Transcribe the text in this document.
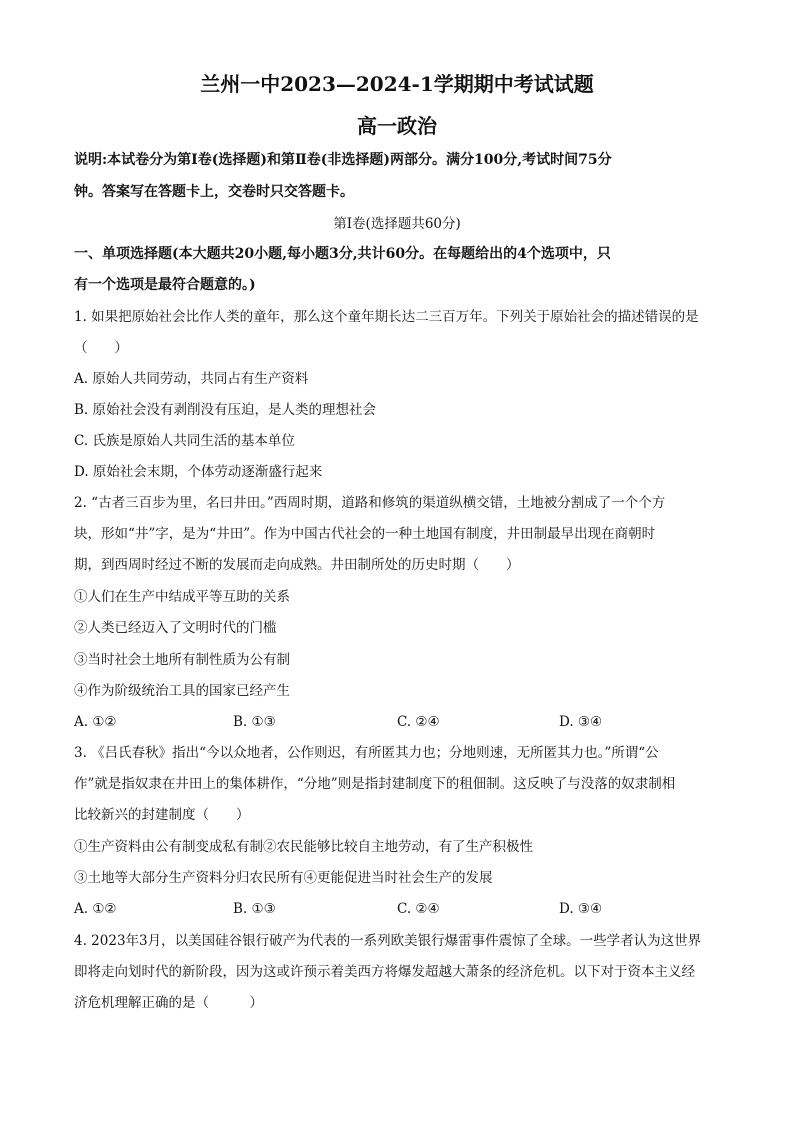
兰州一中2023—2024-1学期期中考试试题
高一政治
说明:本试卷分为第Ⅰ卷(选择题)和第Ⅱ卷(非选择题)两部分。满分100分,考试时间75分
钟。答案写在答题卡上，交卷时只交答题卡。
第Ⅰ卷(选择题共60分)
一、单项选择题(本大题共20小题,每小题3分,共计60分。在每题给出的4个选项中，只
有一个选项是最符合题意的。)
1. 如果把原始社会比作人类的童年，那么这个童年期长达二三百万年。下列关于原始社会的描述错误的是
（　　）
A. 原始人共同劳动，共同占有生产资料
B. 原始社会没有剥削没有压迫，是人类的理想社会
C. 氏族是原始人共同生活的基本单位
D. 原始社会末期，个体劳动逐渐盛行起来
2. “古者三百步为里，名曰井田。”西周时期，道路和修筑的渠道纵横交错，土地被分割成了一个个方
块，形如“井”字，是为“井田”。作为中国古代社会的一种土地国有制度，井田制最早出现在商朝时
期，到西周时经过不断的发展而走向成熟。井田制所处的历史时期（　　）
①人们在生产中结成平等互助的关系
②人类已经迈入了文明时代的门槛
③当时社会土地所有制性质为公有制
④作为阶级统治工具的国家已经产生
A. ①②	B. ①③	C. ②④	D. ③④
3. 《吕氏春秋》指出“今以众地者，公作则迟，有所匿其力也；分地则速，无所匿其力也。”所谓“公
作”就是指奴隶在井田上的集体耕作，“分地”则是指封建制度下的租佃制。这反映了与没落的奴隶制相
比较新兴的封建制度（　　）
①生产资料由公有制变成私有制②农民能够比较自主地劳动，有了生产积极性
③土地等大部分生产资料分归农民所有④更能促进当时社会生产的发展
A. ①②	B. ①③	C. ②④	D. ③④
4. 2023年3月，以美国硅谷银行破产为代表的一系列欧美银行爆雷事件震惊了全球。一些学者认为这世界
即将走向划时代的新阶段，因为这或许预示着美西方将爆发超越大萧条的经济危机。以下对于资本主义经
济危机理解正确的是（　　　）
